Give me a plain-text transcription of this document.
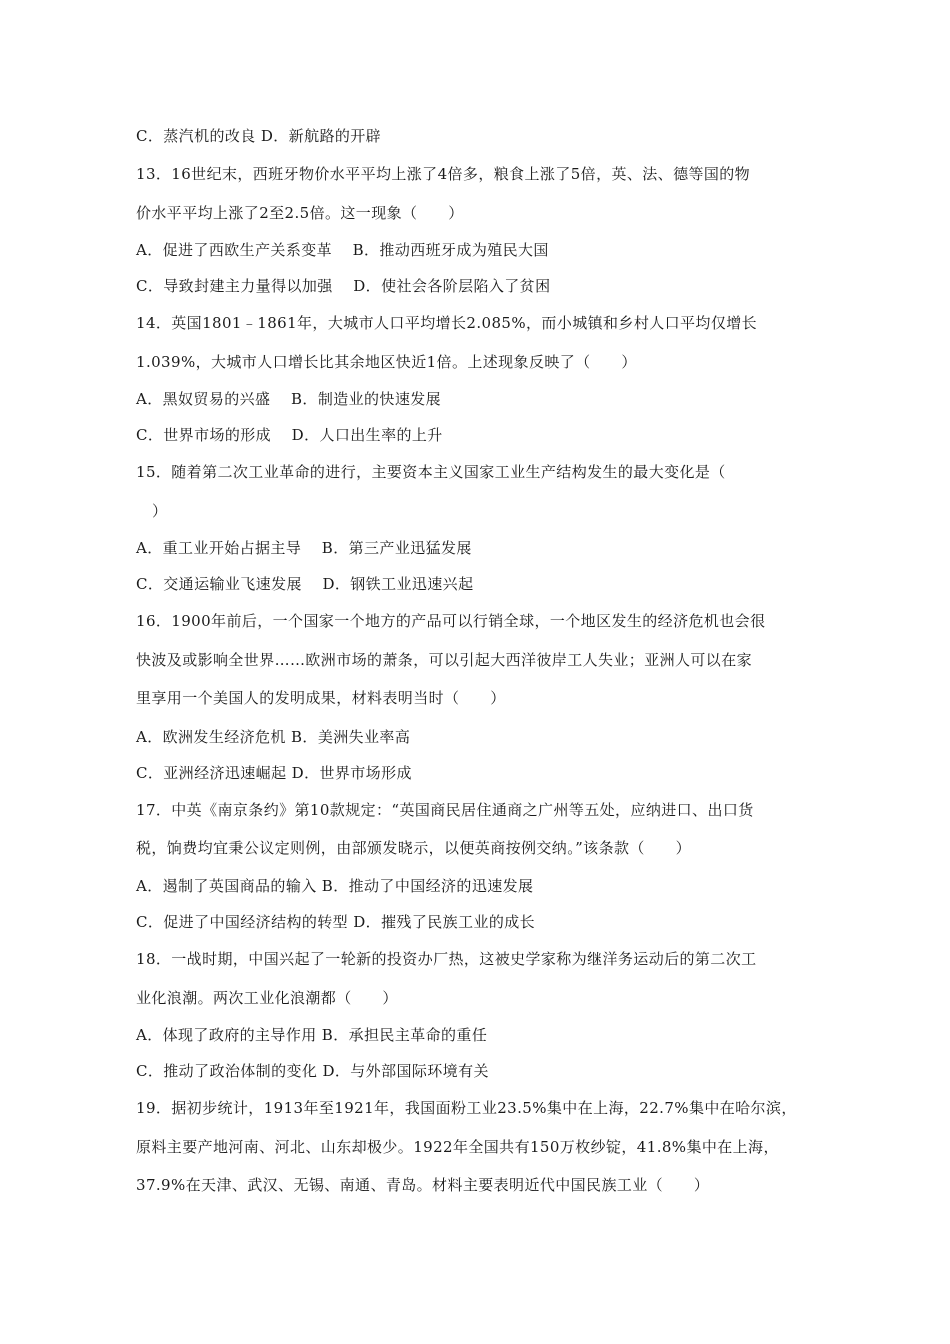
C．蒸汽机的改良 D．新航路的开辟
13．16世纪末，西班牙物价水平平均上涨了4倍多，粮食上涨了5倍，英、法、德等国的物
价水平平均上涨了2至2.5倍。这一现象（　　）
A．促进了西欧生产关系变革　 B．推动西班牙成为殖民大国
C．导致封建主力量得以加强　 D．使社会各阶层陷入了贫困
14．英国1801﹣1861年，大城市人口平均增长2.085%，而小城镇和乡村人口平均仅增长
1.039%，大城市人口增长比其余地区快近1倍。上述现象反映了（　　）
A．黑奴贸易的兴盛　 B．制造业的快速发展
C．世界市场的形成　 D．人口出生率的上升
15．随着第二次工业革命的进行，主要资本主义国家工业生产结构发生的最大变化是（
）
A．重工业开始占据主导　 B．第三产业迅猛发展
C．交通运输业飞速发展　 D．钢铁工业迅速兴起
16．1900年前后，一个国家一个地方的产品可以行销全球，一个地区发生的经济危机也会很
快波及或影响全世界……欧洲市场的萧条，可以引起大西洋彼岸工人失业；亚洲人可以在家
里享用一个美国人的发明成果，材料表明当时（　　）
A．欧洲发生经济危机 B．美洲失业率高
C．亚洲经济迅速崛起 D．世界市场形成
17．中英《南京条约》第10款规定：“英国商民居住通商之广州等五处，应纳进口、出口货
税，饷费均宜秉公议定则例，由部颁发晓示，以便英商按例交纳。”该条款（　　）
A．遏制了英国商品的输入 B．推动了中国经济的迅速发展
C．促进了中国经济结构的转型 D．摧残了民族工业的成长
18．一战时期，中国兴起了一轮新的投资办厂热，这被史学家称为继洋务运动后的第二次工
业化浪潮。两次工业化浪潮都（　　）
A．体现了政府的主导作用 B．承担民主革命的重任
C．推动了政治体制的变化 D．与外部国际环境有关
19．据初步统计，1913年至1921年，我国面粉工业23.5%集中在上海，22.7%集中在哈尔滨，
原料主要产地河南、河北、山东却极少。1922年全国共有150万枚纱锭，41.8%集中在上海，
37.9%在天津、武汉、无锡、南通、青岛。材料主要表明近代中国民族工业（　　）
